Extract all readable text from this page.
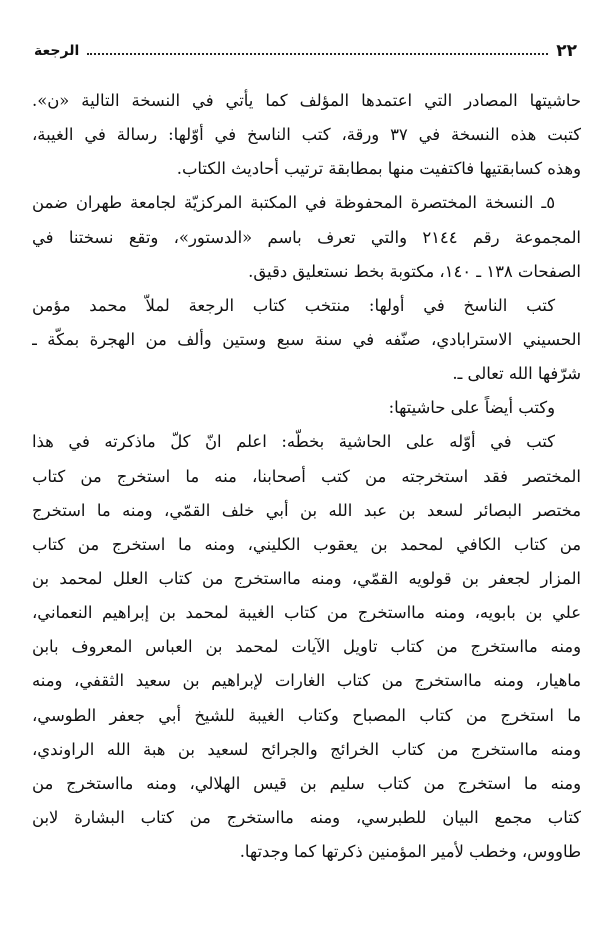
٢٢
الرجعة
حاشيتها المصادر التي اعتمدها المؤلف كما يأتي في النسخة التالية «ن».
كتبت هذه النسخة في ٣٧ ورقة، كتب الناسخ في أوّلها: رسالة في الغيبة،
وهذه كسابقتيها فاكتفيت منها بمطابقة ترتيب أحاديث الكتاب.
٥ـ النسخة المختصرة المحفوظة في المكتبة المركزيّة لجامعة طهران ضمن
المجموعة رقم ٢١٤٤ والتي تعرف باسم «الدستور»، وتقع نسختنا في
الصفحات ١٣٨ ـ ١٤٠، مكتوبة بخط نستعليق دقيق.
كتب الناسخ في أولها: منتخب كتاب الرجعة لملاّ محمد مؤمن
الحسيني الاسترابادي، صنّفه في سنة سبع وستين وألف من الهجرة بمكّة ـ
شرّفها الله تعالى ـ.
وكتب أيضاً على حاشيتها:
كتب في أوّله على الحاشية بخطّه: اعلم انّ كلّ ماذكرته في هذا
المختصر فقد استخرجته من كتب أصحابنا، منه ما استخرج من كتاب
مختصر البصائر لسعد بن عبد الله بن أبي خلف القمّي، ومنه ما استخرج
من كتاب الكافي لمحمد بن يعقوب الكليني، ومنه ما استخرج من كتاب
المزار لجعفر بن قولويه القمّي، ومنه مااستخرج من كتاب العلل لمحمد بن
علي بن بابويه، ومنه مااستخرج من كتاب الغيبة لمحمد بن إبراهيم النعماني،
ومنه مااستخرج من كتاب تاويل الآيات لمحمد بن العباس المعروف بابن
ماهيار، ومنه مااستخرج من كتاب الغارات لإبراهيم بن سعيد الثقفي، ومنه
ما استخرج من كتاب المصباح وكتاب الغيبة للشيخ أبي جعفر الطوسي،
ومنه مااستخرج من كتاب الخرائج والجرائح لسعيد بن هبة الله الراوندي،
ومنه ما استخرج من كتاب سليم بن قيس الهلالي، ومنه مااستخرج من
كتاب مجمع البيان للطبرسي، ومنه مااستخرج من كتاب البشارة لابن
طاووس، وخطب لأمير المؤمنين ذكرتها كما وجدتها.
